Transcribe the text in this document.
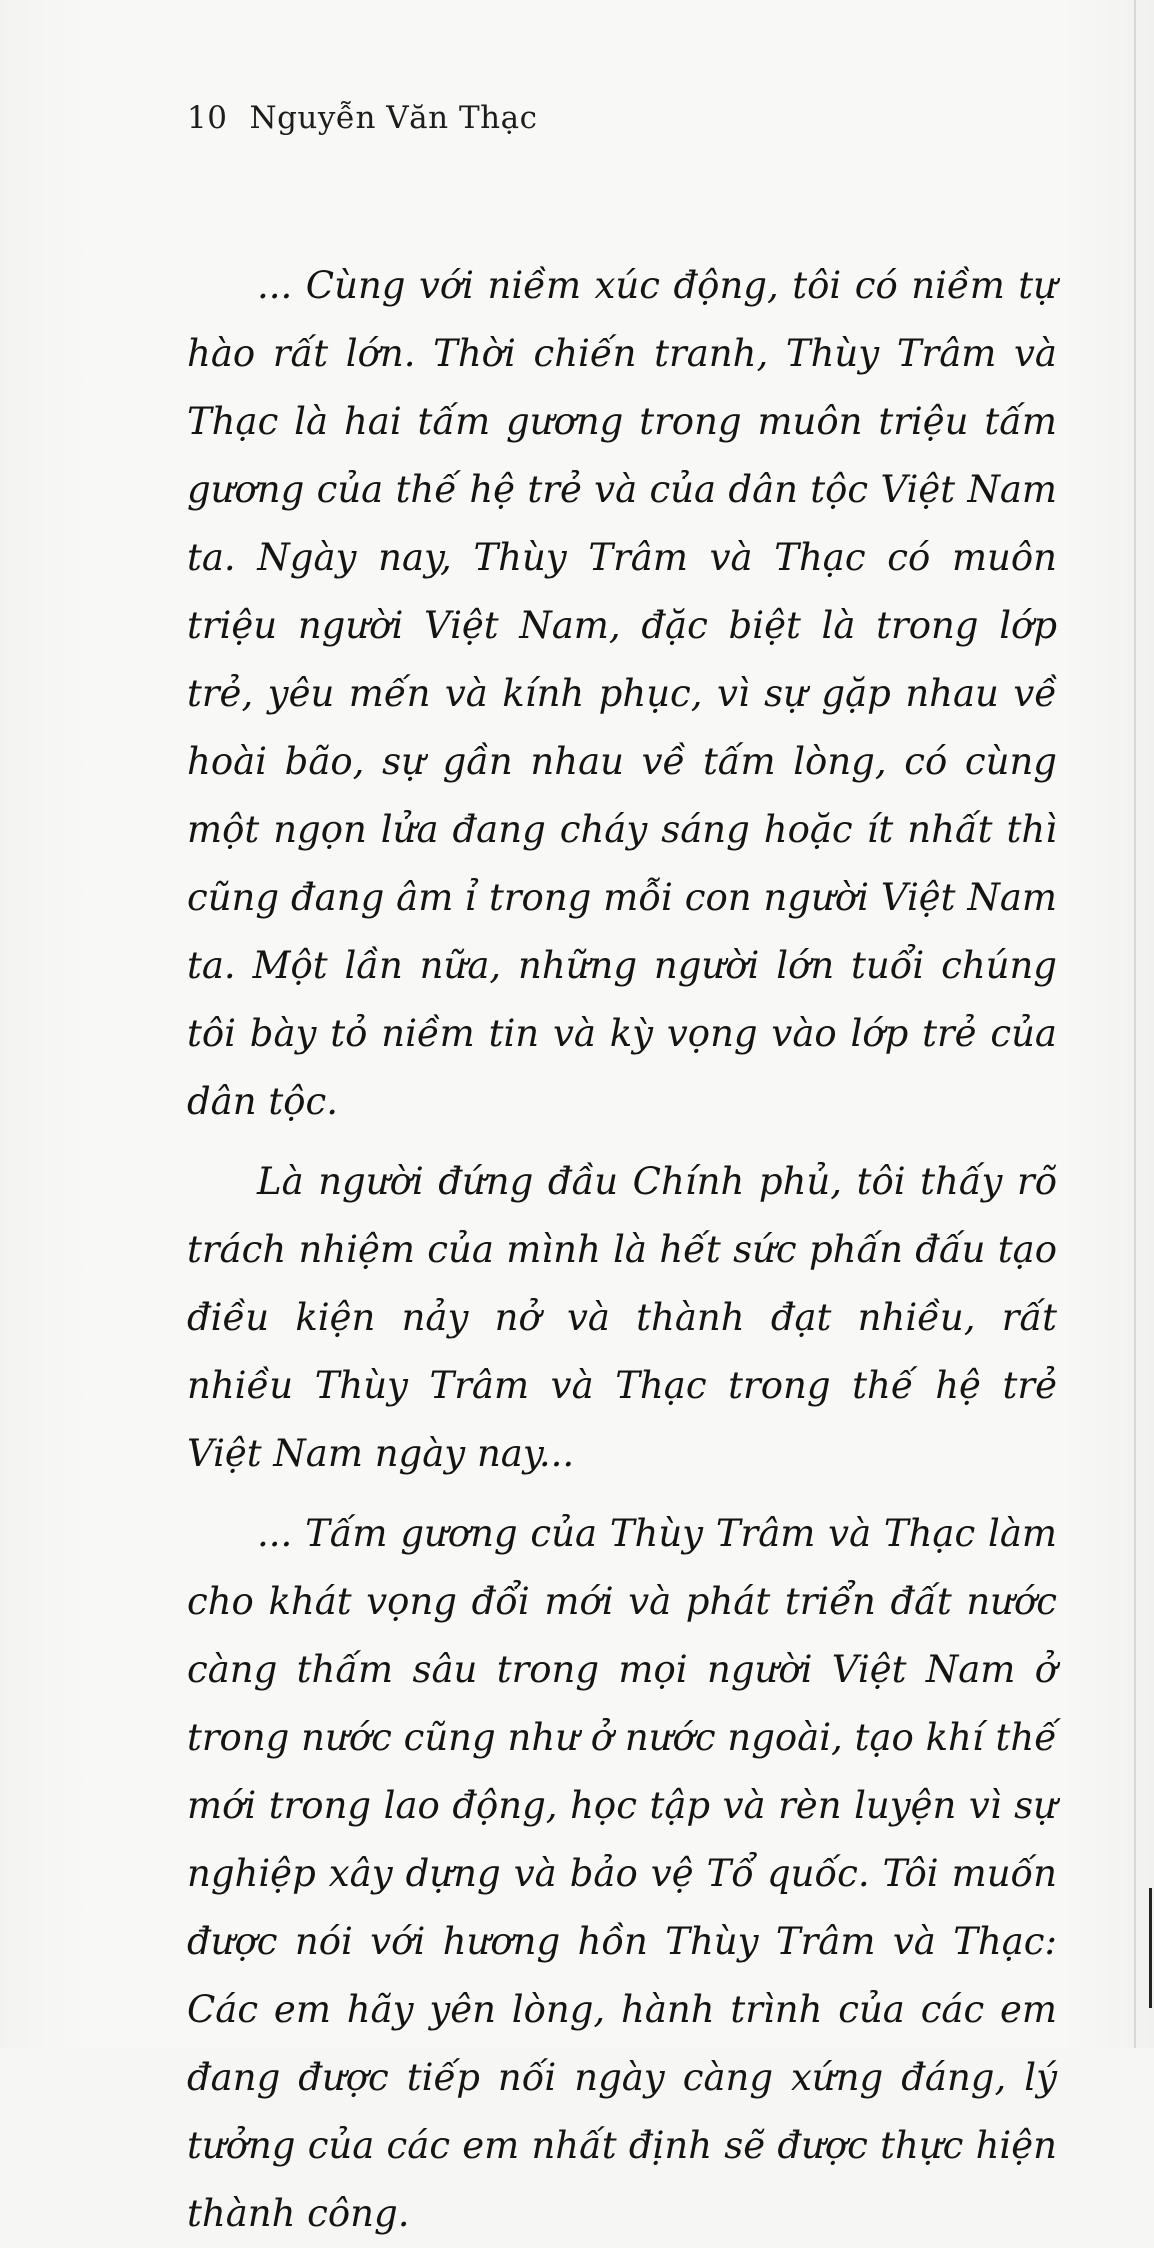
10 Nguyễn Văn Thạc

... Cùng với niềm xúc động, tôi có niềm tự hào rất lớn. Thời chiến tranh, Thùy Trâm và Thạc là hai tấm gương trong muôn triệu tấm gương của thế hệ trẻ và của dân tộc Việt Nam ta. Ngày nay, Thùy Trâm và Thạc có muôn triệu người Việt Nam, đặc biệt là trong lớp trẻ, yêu mến và kính phục, vì sự gặp nhau về hoài bão, sự gần nhau về tấm lòng, có cùng một ngọn lửa đang cháy sáng hoặc ít nhất thì cũng đang âm ỉ trong mỗi con người Việt Nam ta. Một lần nữa, những người lớn tuổi chúng tôi bày tỏ niềm tin và kỳ vọng vào lớp trẻ của dân tộc.

Là người đứng đầu Chính phủ, tôi thấy rõ trách nhiệm của mình là hết sức phấn đấu tạo điều kiện nảy nở và thành đạt nhiều, rất nhiều Thùy Trâm và Thạc trong thế hệ trẻ Việt Nam ngày nay...

... Tấm gương của Thùy Trâm và Thạc làm cho khát vọng đổi mới và phát triển đất nước càng thấm sâu trong mọi người Việt Nam ở trong nước cũng như ở nước ngoài, tạo khí thế mới trong lao động, học tập và rèn luyện vì sự nghiệp xây dựng và bảo vệ Tổ quốc. Tôi muốn được nói với hương hồn Thùy Trâm và Thạc: Các em hãy yên lòng, hành trình của các em đang được tiếp nối ngày càng xứng đáng, lý tưởng của các em nhất định sẽ được thực hiện thành công.
